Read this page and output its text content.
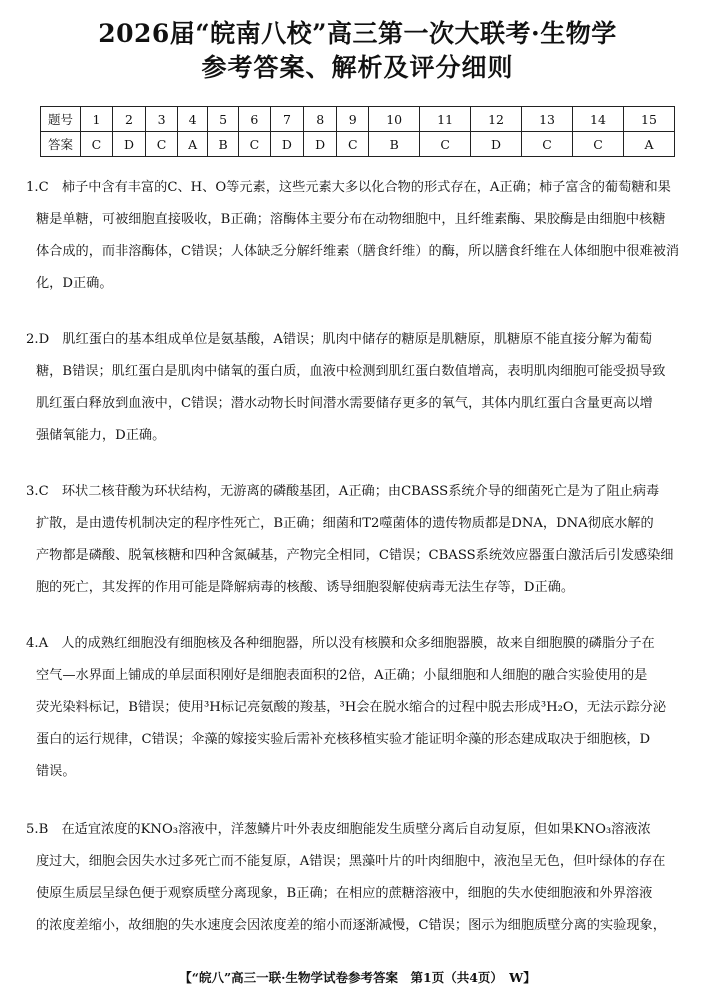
2026届“皖南八校”高三第一次大联考·生物学
参考答案、解析及评分细则
题号	1	2	3	4	5	6	7	8	9	10	11	12	13	14	15
答案	C	D	C	A	B	C	D	D	C	B	C	D	C	C	A
1.C　柿子中含有丰富的C、H、O等元素，这些元素大多以化合物的形式存在，A正确；柿子富含的葡萄糖和果
糖是单糖，可被细胞直接吸收，B正确；溶酶体主要分布在动物细胞中，且纤维素酶、果胶酶是由细胞中核糖
体合成的，而非溶酶体，C错误；人体缺乏分解纤维素（膳食纤维）的酶，所以膳食纤维在人体细胞中很难被消
化，D正确。
2.D　肌红蛋白的基本组成单位是氨基酸，A错误；肌肉中储存的糖原是肌糖原，肌糖原不能直接分解为葡萄
糖，B错误；肌红蛋白是肌肉中储氧的蛋白质，血液中检测到肌红蛋白数值增高，表明肌肉细胞可能受损导致
肌红蛋白释放到血液中，C错误；潜水动物长时间潜水需要储存更多的氧气，其体内肌红蛋白含量更高以增
强储氧能力，D正确。
3.C　环状二核苷酸为环状结构，无游离的磷酸基团，A正确；由CBASS系统介导的细菌死亡是为了阻止病毒
扩散，是由遗传机制决定的程序性死亡，B正确；细菌和T2噬菌体的遗传物质都是DNA，DNA彻底水解的
产物都是磷酸、脱氧核糖和四种含氮碱基，产物完全相同，C错误；CBASS系统效应器蛋白激活后引发感染细
胞的死亡，其发挥的作用可能是降解病毒的核酸、诱导细胞裂解使病毒无法生存等，D正确。
4.A　人的成熟红细胞没有细胞核及各种细胞器，所以没有核膜和众多细胞器膜，故来自细胞膜的磷脂分子在
空气—水界面上铺成的单层面积刚好是细胞表面积的2倍，A正确；小鼠细胞和人细胞的融合实验使用的是
荧光染料标记，B错误；使用³H标记亮氨酸的羧基，³H会在脱水缩合的过程中脱去形成³H₂O，无法示踪分泌
蛋白的运行规律，C错误；伞藻的嫁接实验后需补充核移植实验才能证明伞藻的形态建成取决于细胞核，D
错误。
5.B　在适宜浓度的KNO₃溶液中，洋葱鳞片叶外表皮细胞能发生质壁分离后自动复原，但如果KNO₃溶液浓
度过大，细胞会因失水过多死亡而不能复原，A错误；黑藻叶片的叶肉细胞中，液泡呈无色，但叶绿体的存在
使原生质层呈绿色便于观察质壁分离现象，B正确；在相应的蔗糖溶液中，细胞的失水使细胞液和外界溶液
的浓度差缩小，故细胞的失水速度会因浓度差的缩小而逐渐减慢，C错误；图示为细胞质壁分离的实验现象，
【“皖八”高三一联·生物学试卷参考答案　第1页（共4页）　W】
